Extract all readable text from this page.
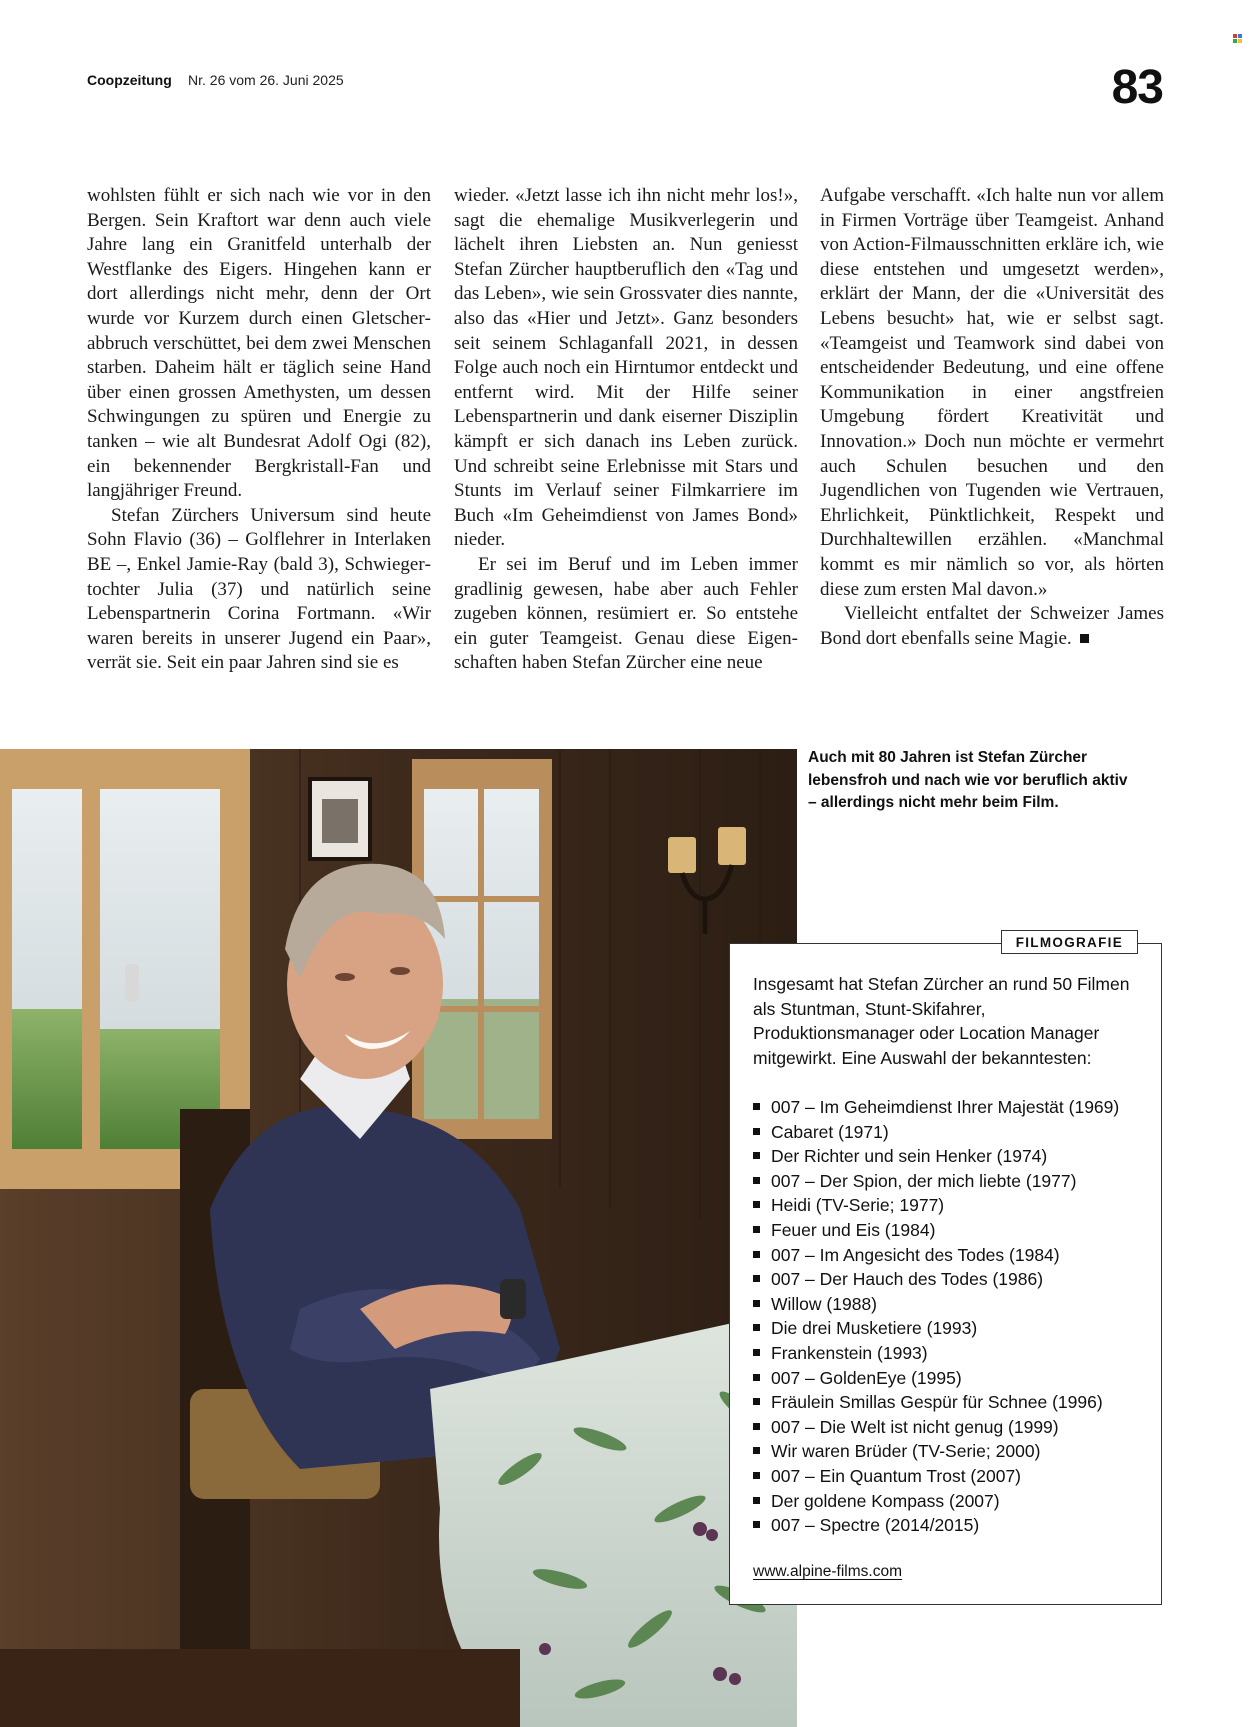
Coopzeitung Nr. 26 vom 26. Juni 2025	83

wohlsten fühlt er sich nach wie vor in den Bergen. Sein Kraftort war denn auch viele Jahre lang ein Granitfeld unterhalb der Westflanke des Eigers. Hingehen kann er dort allerdings nicht mehr, denn der Ort wurde vor Kurzem durch einen Gletscherabbruch verschüttet, bei dem zwei Menschen starben. Daheim hält er täglich seine Hand über einen grossen Amethysten, um dessen Schwingungen zu spüren und Energie zu tanken – wie alt Bundesrat Adolf Ogi (82), ein bekennender Bergkristall-Fan und langjähriger Freund.

Stefan Zürchers Universum sind heute Sohn Flavio (36) – Golflehrer in Interlaken BE –, Enkel Jamie-Ray (bald 3), Schwiegertochter Julia (37) und natürlich seine Lebenspartnerin Corina Fortmann. «Wir waren bereits in unserer Jugend ein Paar», verrät sie. Seit ein paar Jahren sind sie es

wieder. «Jetzt lasse ich ihn nicht mehr los!», sagt die ehemalige Musikverlegerin und lächelt ihren Liebsten an. Nun geniesst Stefan Zürcher hauptberuflich den «Tag und das Leben», wie sein Grossvater dies nannte, also das «Hier und Jetzt». Ganz besonders seit seinem Schlaganfall 2021, in dessen Folge auch noch ein Hirntumor entdeckt und entfernt wird. Mit der Hilfe seiner Lebenspartnerin und dank eiserner Disziplin kämpft er sich danach ins Leben zurück. Und schreibt seine Erlebnisse mit Stars und Stunts im Verlauf seiner Filmkarriere im Buch «Im Geheimdienst von James Bond» nieder.

Er sei im Beruf und im Leben immer gradlinig gewesen, habe aber auch Fehler zugeben können, resümiert er. So entstehe ein guter Teamgeist. Genau diese Eigenschaften haben Stefan Zürcher eine neue

Aufgabe verschafft. «Ich halte nun vor allem in Firmen Vorträge über Teamgeist. Anhand von Action-Filmausschnitten erkläre ich, wie diese entstehen und umgesetzt werden», erklärt der Mann, der die «Universität des Lebens besucht» hat, wie er selbst sagt. «Teamgeist und Teamwork sind dabei von entscheidender Bedeutung, und eine offene Kommunikation in einer angstfreien Umgebung fördert Kreativität und Innovation.» Doch nun möchte er vermehrt auch Schulen besuchen und den Jugendlichen von Tugenden wie Vertrauen, Ehrlichkeit, Pünktlichkeit, Respekt und Durchhaltewillen erzählen. «Manchmal kommt es mir nämlich so vor, als hörten diese zum ersten Mal davon.»

Vielleicht entfaltet der Schweizer James Bond dort ebenfalls seine Magie.

Auch mit 80 Jahren ist Stefan Zürcher lebensfroh und nach wie vor beruflich aktiv – allerdings nicht mehr beim Film.
FILMOGRAFIE
Insgesamt hat Stefan Zürcher an rund 50 Filmen als Stuntman, Stunt-Skifahrer, Produktionsmanager oder Location Manager mitgewirkt. Eine Auswahl der bekanntesten:
007 – Im Geheimdienst Ihrer Majestät (1969)
Cabaret (1971)
Der Richter und sein Henker (1974)
007 – Der Spion, der mich liebte (1977)
Heidi (TV-Serie; 1977)
Feuer und Eis (1984)
007 – Im Angesicht des Todes (1984)
007 – Der Hauch des Todes (1986)
Willow (1988)
Die drei Musketiere (1993)
Frankenstein (1993)
007 – GoldenEye (1995)
Fräulein Smillas Gespür für Schnee (1996)
007 – Die Welt ist nicht genug (1999)
Wir waren Brüder (TV-Serie; 2000)
007 – Ein Quantum Trost (2007)
Der goldene Kompass (2007)
007 – Spectre (2014/2015)
www.alpine-films.com
